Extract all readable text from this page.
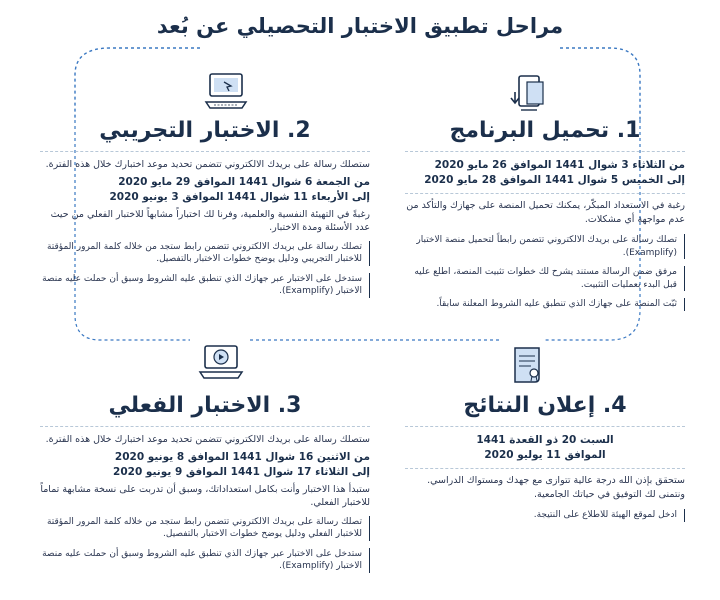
مراحل تطبيق الاختبار التحصيلي عن بُعد
1. تحميل البرنامج
من الثلاثاء 3 شوال 1441 الموافق 26 مايو 2020
إلى الخميس 5 شوال 1441 الموافق 28 مايو 2020
رغبة في الاستعداد المبكّر، يمكنك تحميل المنصة على جهازك والتأكد من عدم مواجهة أي مشكلات.
تصلك رسالة على بريدك الالكتروني تتضمن رابطاً لتحميل منصة الاختبار (Examplify).
مرفق ضمن الرسالة مستند يشرح لك خطوات تثبيت المنصة، اطلع عليه قبل البدء بعمليات التثبيت.
ثبّت المنصة على جهازك الذي تنطبق عليه الشروط المعلنة سابقاً.
2. الاختبار التجريبي
ستصلك رسالة على بريدك الالكتروني تتضمن تحديد موعد اختبارك خلال هذه الفترة.
من الجمعة 6 شوال 1441 الموافق 29 مايو 2020
إلى الأربعاء 11 شوال 1441 الموافق 3 يونيو 2020
رغبةً في التهيئة النفسية والعلمية، وفرنا لك اختباراً مشابهاً للاختبار الفعلي من حيث عدد الأسئلة ومدة الاختبار.
تصلك رسالة على بريدك الالكتروني تتضمن رابط ستجد من خلاله كلمة المرور المؤقتة للاختبار التجريبي ودليل يوضح خطوات الاختبار بالتفصيل.
ستدخل على الاختبار عبر جهازك الذي تنطبق عليه الشروط وسبق أن حملت عليه منصة الاختبار (Examplify).
3. الاختبار الفعلي
ستصلك رسالة على بريدك الالكتروني تتضمن تحديد موعد اختبارك خلال هذه الفترة.
من الاثنين 16 شوال 1441 الموافق 8 يونيو 2020
إلى الثلاثاء 17 شوال 1441 الموافق 9 يونيو 2020
ستبدأ هذا الاختبار وأنت بكامل استعداداتك، وسبق أن تدربت على نسخة مشابهة تماماً للاختبار الفعلي.
تصلك رسالة على بريدك الالكتروني تتضمن رابط ستجد من خلاله كلمة المرور المؤقتة للاختبار الفعلي ودليل يوضح خطوات الاختبار بالتفصيل.
ستدخل على الاختبار عبر جهازك الذي تنطبق عليه الشروط وسبق أن حملت عليه منصة الاختبار (Examplify).
4. إعلان النتائج
السبت 20 ذو القعدة 1441
الموافق 11 يوليو 2020
ستحقق بإذن الله درجة عالية تتوازى مع جهدك ومستواك الدراسي. ونتمنى لك التوفيق في حياتك الجامعية.
ادخل لموقع الهيئة للاطلاع على النتيجة.
